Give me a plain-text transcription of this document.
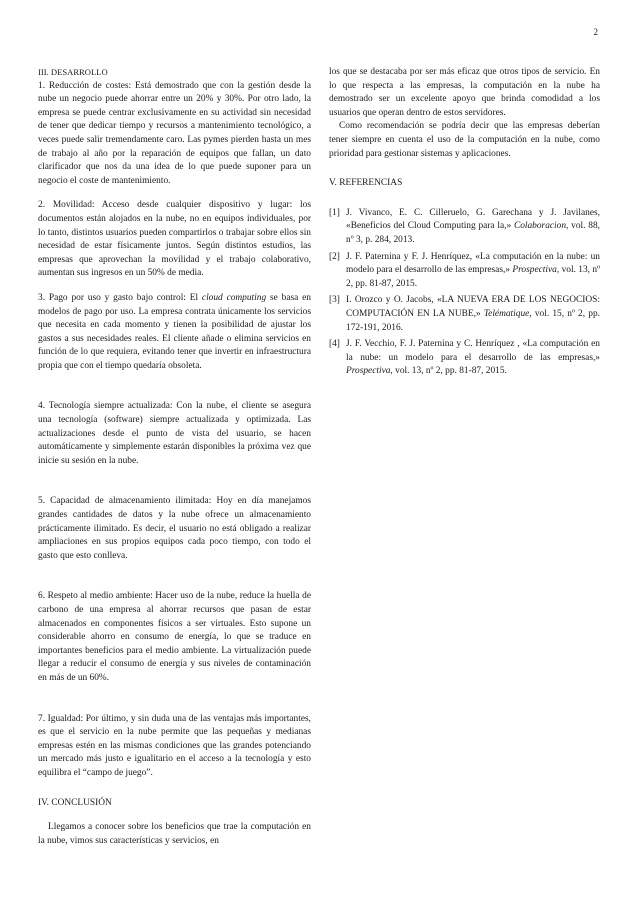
2

III. DESARROLLO

1. Reducción de costes: Está demostrado que con la gestión desde la nube un negocio puede ahorrar entre un 20% y 30%. Por otro lado, la empresa se puede centrar exclusivamente en su actividad sin necesidad de tener que dedicar tiempo y recursos a mantenimiento tecnológico, a veces puede salir tremendamente caro. Las pymes pierden hasta un mes de trabajo al año por la reparación de equipos que fallan, un dato clarificador que nos da una idea de lo que puede suponer para un negocio el coste de mantenimiento.

2. Movilidad: Acceso desde cualquier dispositivo y lugar: los documentos están alojados en la nube, no en equipos individuales, por lo tanto, distintos usuarios pueden compartirlos o trabajar sobre ellos sin necesidad de estar físicamente juntos. Según distintos estudios, las empresas que aprovechan la movilidad y el trabajo colaborativo, aumentan sus ingresos en un 50% de media.

3. Pago por uso y gasto bajo control: El cloud computing se basa en modelos de pago por uso. La empresa contrata únicamente los servicios que necesita en cada momento y tienen la posibilidad de ajustar los gastos a sus necesidades reales. El cliente añade o elimina servicios en función de lo que requiera, evitando tener que invertir en infraestructura propia que con el tiempo quedaría obsoleta.

4. Tecnología siempre actualizada: Con la nube, el cliente se asegura una tecnología (software) siempre actualizada y optimizada. Las actualizaciones desde el punto de vista del usuario, se hacen automáticamente y simplemente estarán disponibles la próxima vez que inicie su sesión en la nube.

5. Capacidad de almacenamiento ilimitada: Hoy en día manejamos grandes cantidades de datos y la nube ofrece un almacenamiento prácticamente ilimitado. Es decir, el usuario no está obligado a realizar ampliaciones en sus propios equipos cada poco tiempo, con todo el gasto que esto conlleva.

6. Respeto al medio ambiente: Hacer uso de la nube, reduce la huella de carbono de una empresa al ahorrar recursos que pasan de estar almacenados en componentes físicos a ser virtuales. Esto supone un considerable ahorro en consumo de energía, lo que se traduce en importantes beneficios para el medio ambiente. La virtualización puede llegar a reducir el consumo de energía y sus niveles de contaminación en más de un 60%.

7. Igualdad: Por último, y sin duda una de las ventajas más importantes, es que el servicio en la nube permite que las pequeñas y medianas empresas estén en las mismas condiciones que las grandes potenciando un mercado más justo e igualitario en el acceso a la tecnología y esto equilibra el “campo de juego”.

IV. CONCLUSIÓN

Llegamos a conocer sobre los beneficios que trae la computación en la nube, vimos sus características y servicios, en

los que se destacaba por ser más eficaz que otros tipos de servicio. En lo que respecta a las empresas, la computación en la nube ha demostrado ser un excelente apoyo que brinda comodidad a los usuarios que operan dentro de estos servidores.

Como recomendación se podría decir que las empresas deberían tener siempre en cuenta el uso de la computación en la nube, como prioridad para gestionar sistemas y aplicaciones.

V. REFERENCIAS

[1] J. Vivanco, E. C. Cilleruelo, G. Garechana y J. Javilanes, «Beneficios del Cloud Computing para la,» Colaboracion, vol. 88, nº 3, p. 284, 2013.
[2] J. F. Paternina y F. J. Henríquez, «La computación en la nube: un modelo para el desarrollo de las empresas,» Prospectiva, vol. 13, nº 2, pp. 81-87, 2015.
[3] I. Orozco y O. Jacobs, «LA NUEVA ERA DE LOS NEGOCIOS: COMPUTACIÓN EN LA NUBE,» Telématique, vol. 15, nº 2, pp. 172-191, 2016.
[4] J. F. Vecchio, F. J. Paternina y C. Henríquez , «La computación en la nube: un modelo para el desarrollo de las empresas,» Prospectiva, vol. 13, nº 2, pp. 81-87, 2015.
